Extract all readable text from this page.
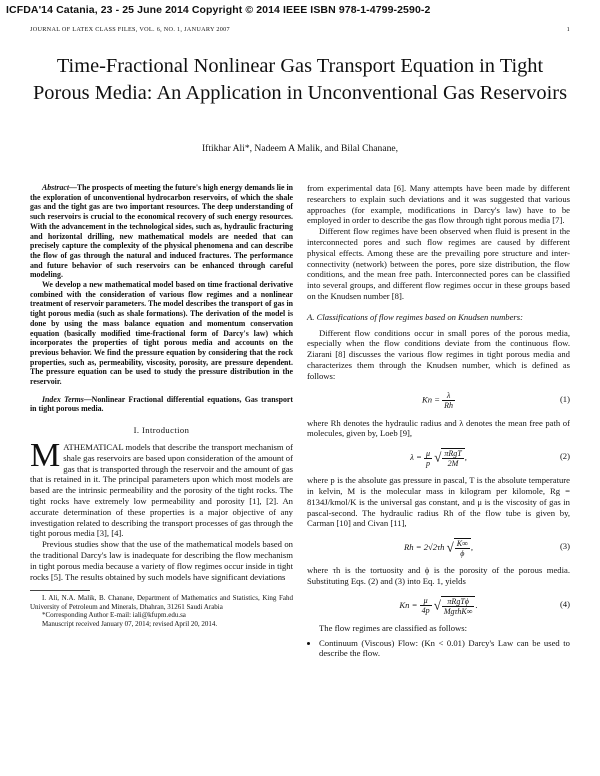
ICFDA'14 Catania, 23 - 25 June 2014 Copyright © 2014 IEEE ISBN 978-1-4799-2590-2
JOURNAL OF LATEX CLASS FILES, VOL. 6, NO. 1, JANUARY 2007	1
Time-Fractional Nonlinear Gas Transport Equation in Tight Porous Media: An Application in Unconventional Gas Reservoirs
Iftikhar Ali*, Nadeem A Malik, and Bilal Chanane,

Abstract—The prospects of meeting the future's high energy demands lie in the exploration of unconventional hydrocarbon reservoirs, of which the shale gas and the tight gas are two important resources. The deep understanding of such reservoirs is crucial to the economical recovery of such energy resources. With the advancement in the technological sides, such as, hydraulic fracturing and horizontal drilling, new mathematical models are needed that can precisely capture the complexity of the physical phenomena and can describe the flow of gas through the natural and induced fractures. The performance and future behavior of such reservoirs can be enhanced through careful modeling.

We develop a new mathematical model based on time fractional derivative combined with the consideration of various flow regimes and a nonlinear treatment of reservoir parameters. The model describes the transport of gas in tight porous media (such as shale formations). The derivation of the model is done by using the mass balance equation and momentum conservation equation (basically modified time-fractional form of Darcy's law) which incorporates the properties of tight porous media and accounts on the previous behavior. We find the pressure equation by considering that the rock properties, such as, permeability, viscosity, porosity, are pressure dependent. The pressure equation can be used to study the pressure distribution in the reservoir.

Index Terms—Nonlinear Fractional differential equations, Gas transport in tight porous media.

I. Introduction

MATHEMATICAL models that describe the transport mechanism of shale gas reservoirs are based upon consideration of the amount of gas that is transported through the reservoir and the amount of gas that is retained in it. The principal parameters upon which most models are based are the intrinsic permeability and the porosity of the tight rocks. The tight rocks have extremely low permeability and porosity [1], [2]. An accurate determination of these properties is a major objective of any investigation related to describing the transport processes of gas through the tight porous media [3], [4].

Previous studies show that the use of the mathematical models based on the traditional Darcy's law is inadequate for describing the flow mechanism in tight porous media because a variety of flow regimes occur inside in tight rocks [5]. The results obtained by such models have significant deviations

I. Ali, N.A. Malik, B. Chanane, Department of Mathematics and Statistics, King Fahd University of Petroleum and Minerals, Dhahran, 31261 Saudi Arabia

*Corresponding Author E-mail: iali@kfupm.edu.sa

Manuscript received January 07, 2014; revised April 20, 2014.

from experimental data [6]. Many attempts have been made by different researchers to explain such deviations and it was suggested that various approaches (for example, modifications in Darcy's law) have to be employed in order to describe the gas flow through tight porous media [7].

Different flow regimes have been observed when fluid is present in the interconnected pores and such flow regimes are caused by different physical effects. Among these are the prevailing pore structure and inter-connectivity (network) between the pores, pore size distribution, the flow conditions, and the mean free path. Interconnected pores can be classified into several groups, and different flow regimes occur in these groups based on the Knudsen number [8].

A. Classifications of flow regimes based on Knudsen numbers:

Different flow conditions occur in small pores of the porous media, especially when the flow conditions deviate from the continuous flow. Ziarani [8] discusses the various flow regimes in tight porous media and characterizes them through the Knudsen number, which is defined as follows:

$Kn = \frac{\lambda}{Rh}$	(1)

where Rh denotes the hydraulic radius and λ denotes the mean free path of molecules, given by, Loeb [9],

$\lambda = \frac{\mu}{p}$ √ $\frac{\text{πRgT}}{2M}$ ,	(2)

where p is the absolute gas pressure in pascal, T is the absolute temperature in kelvin, M is the molecular mass in kilogram per kilomole, Rg = 8134J/kmol/K is the universal gas constant, and μ is the viscosity of gas in pascal-second. The hydraulic radius Rh of the flow tube is given by, Carman [10] and Civan [11],

Rh = 2√2τh √ $\frac{K\infty}{\phi}$ ,	(3)

where τh is the tortuosity and ϕ is the porosity of the porous media. Substituting Eqs. (2) and (3) into Eq. 1, yields

$Kn = \frac{\mu}{4p}$ √ $\frac{\text{πRgTϕ}}{\text{MgτhK∞}}$ .	(4)

The flow regimes are classified as follows:

• Continuum (Viscous) Flow: (Kn < 0.01) Darcy's Law can be used to describe the flow.
